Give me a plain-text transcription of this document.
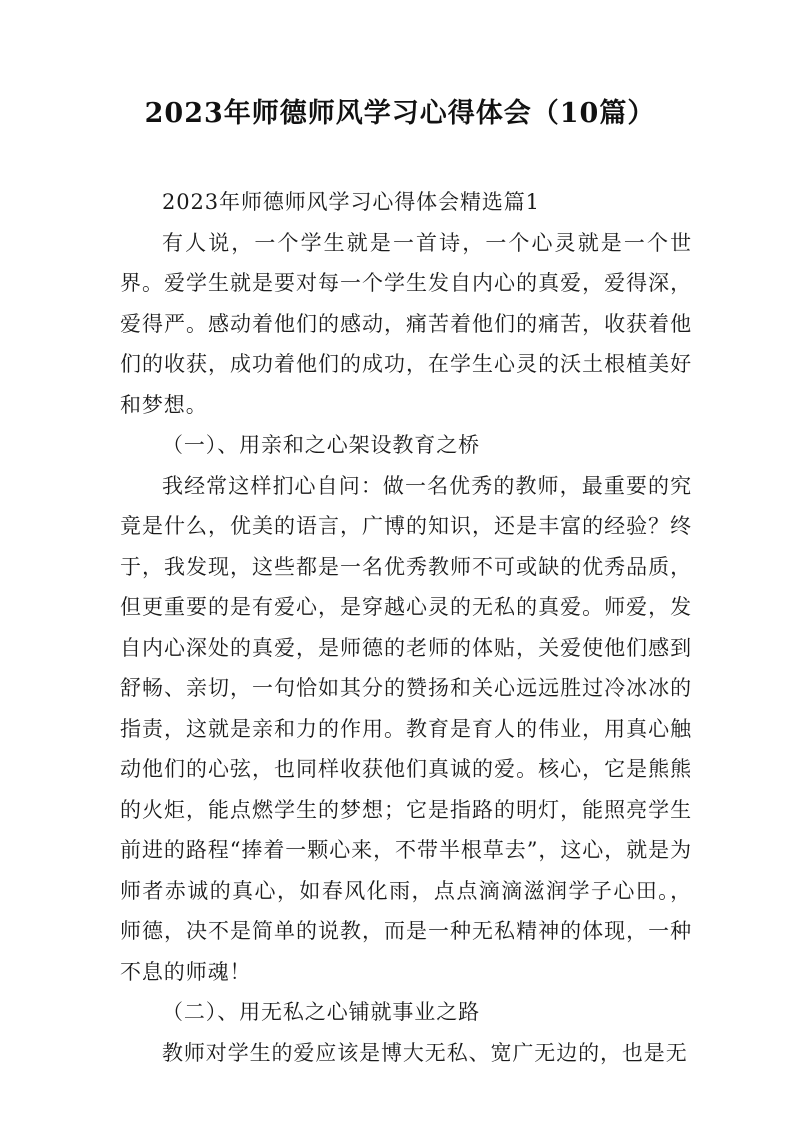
2023年师德师风学习心得体会（10篇）

2023年师德师风学习心得体会精选篇1

有人说，一个学生就是一首诗，一个心灵就是一个世界。爱学生就是要对每一个学生发自内心的真爱，爱得深，爱得严。感动着他们的感动，痛苦着他们的痛苦，收获着他们的收获，成功着他们的成功，在学生心灵的沃土根植美好和梦想。

（一）、用亲和之心架设教育之桥

我经常这样扪心自问：做一名优秀的教师，最重要的究竟是什么，优美的语言，广博的知识，还是丰富的经验？终于，我发现，这些都是一名优秀教师不可或缺的优秀品质，但更重要的是有爱心，是穿越心灵的无私的真爱。师爱，发自内心深处的真爱，是师德的老师的体贴，关爱使他们感到舒畅、亲切，一句恰如其分的赞扬和关心远远胜过冷冰冰的指责，这就是亲和力的作用。教育是育人的伟业，用真心触动他们的心弦，也同样收获他们真诚的爱。核心，它是熊熊的火炬，能点燃学生的梦想；它是指路的明灯，能照亮学生前进的路程“捧着一颗心来，不带半根草去”，这心，就是为师者赤诚的真心，如春风化雨，点点滴滴滋润学子心田。，师德，决不是简单的说教，而是一种无私精神的体现，一种不息的师魂！

（二）、用无私之心铺就事业之路

教师对学生的爱应该是博大无私、宽广无边的，也是无
